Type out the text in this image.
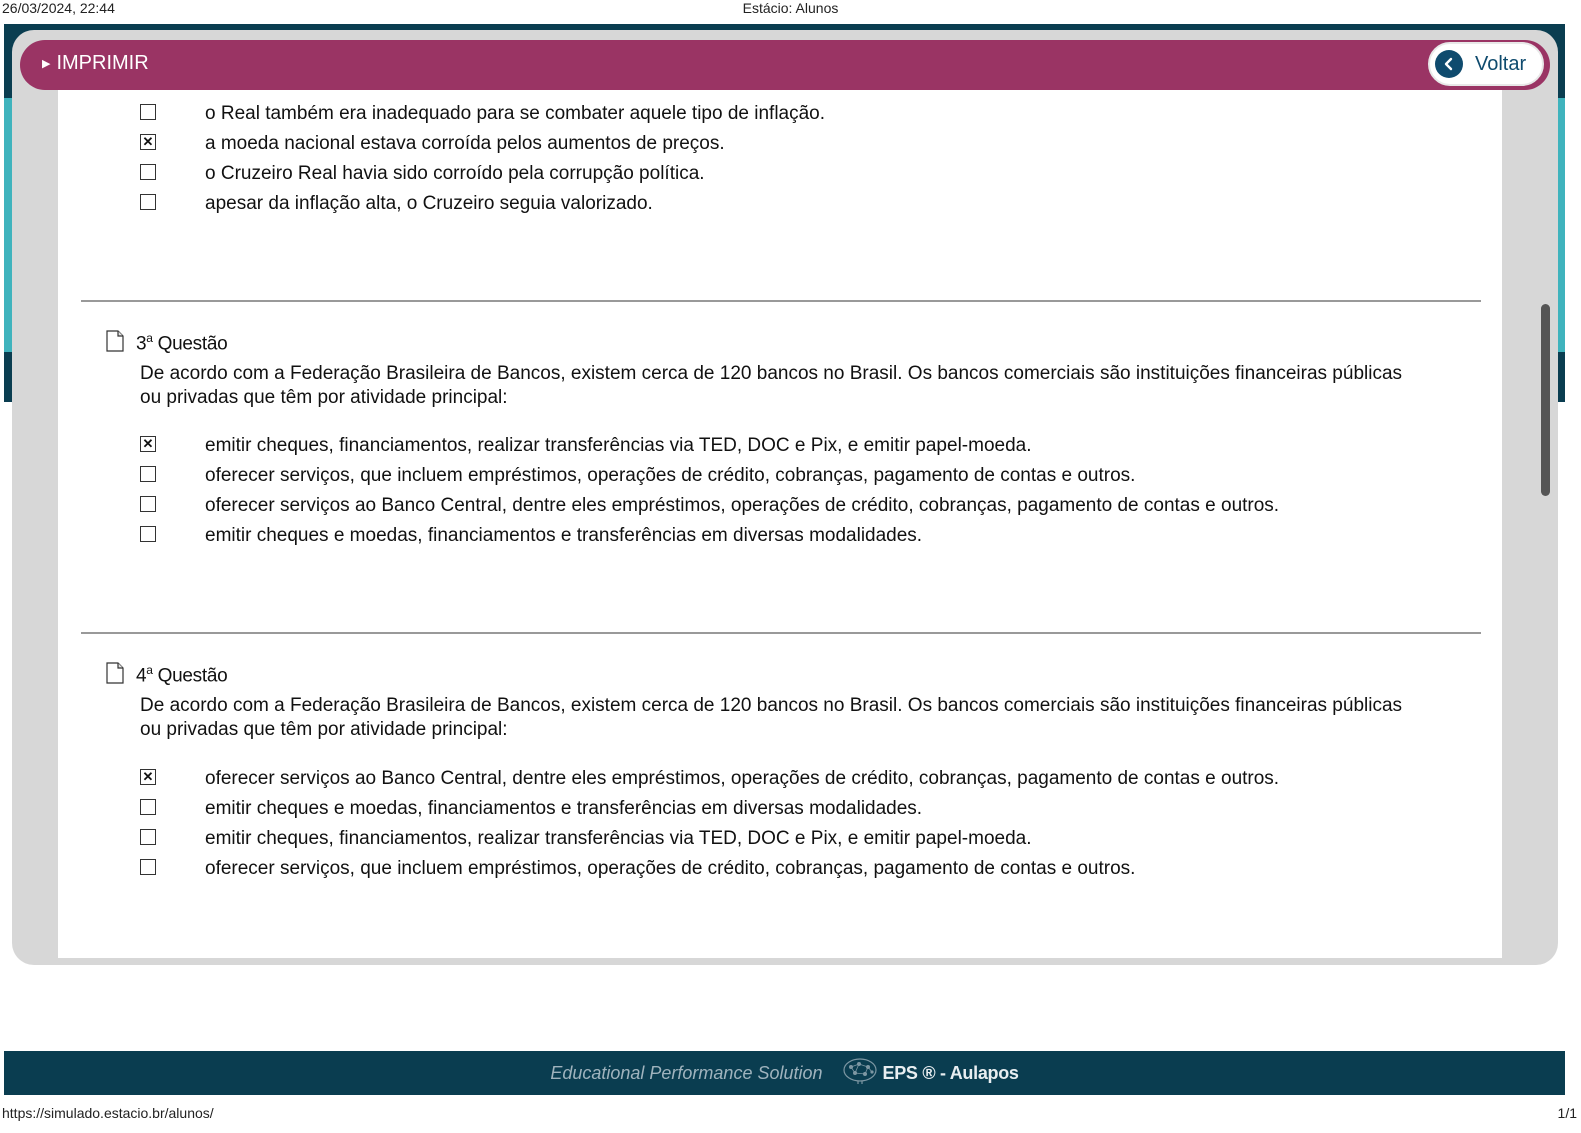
26/03/2024, 22:44	Estácio: Alunos
▶ IMPRIMIR	Voltar
o Real também era inadequado para se combater aquele tipo de inflação.
✕	a moeda nacional estava corroída pelos aumentos de preços.
o Cruzeiro Real havia sido corroído pela corrupção política.
apesar da inflação alta, o Cruzeiro seguia valorizado.
3$^a$ Questão
De acordo com a Federação Brasileira de Bancos, existem cerca de 120 bancos no Brasil. Os bancos comerciais são instituições financeiras públicas ou privadas que têm por atividade principal:
✕	emitir cheques, financiamentos, realizar transferências via TED, DOC e Pix, e emitir papel-moeda.
oferecer serviços, que incluem empréstimos, operações de crédito, cobranças, pagamento de contas e outros.
oferecer serviços ao Banco Central, dentre eles empréstimos, operações de crédito, cobranças, pagamento de contas e outros.
emitir cheques e moedas, financiamentos e transferências em diversas modalidades.
4$^a$ Questão
De acordo com a Federação Brasileira de Bancos, existem cerca de 120 bancos no Brasil. Os bancos comerciais são instituições financeiras públicas ou privadas que têm por atividade principal:
✕	oferecer serviços ao Banco Central, dentre eles empréstimos, operações de crédito, cobranças, pagamento de contas e outros.
emitir cheques e moedas, financiamentos e transferências em diversas modalidades.
emitir cheques, financiamentos, realizar transferências via TED, DOC e Pix, e emitir papel-moeda.
oferecer serviços, que incluem empréstimos, operações de crédito, cobranças, pagamento de contas e outros.
Educational Performance Solution	EPS ® - Aulapos
https://simulado.estacio.br/alunos/	1/1
